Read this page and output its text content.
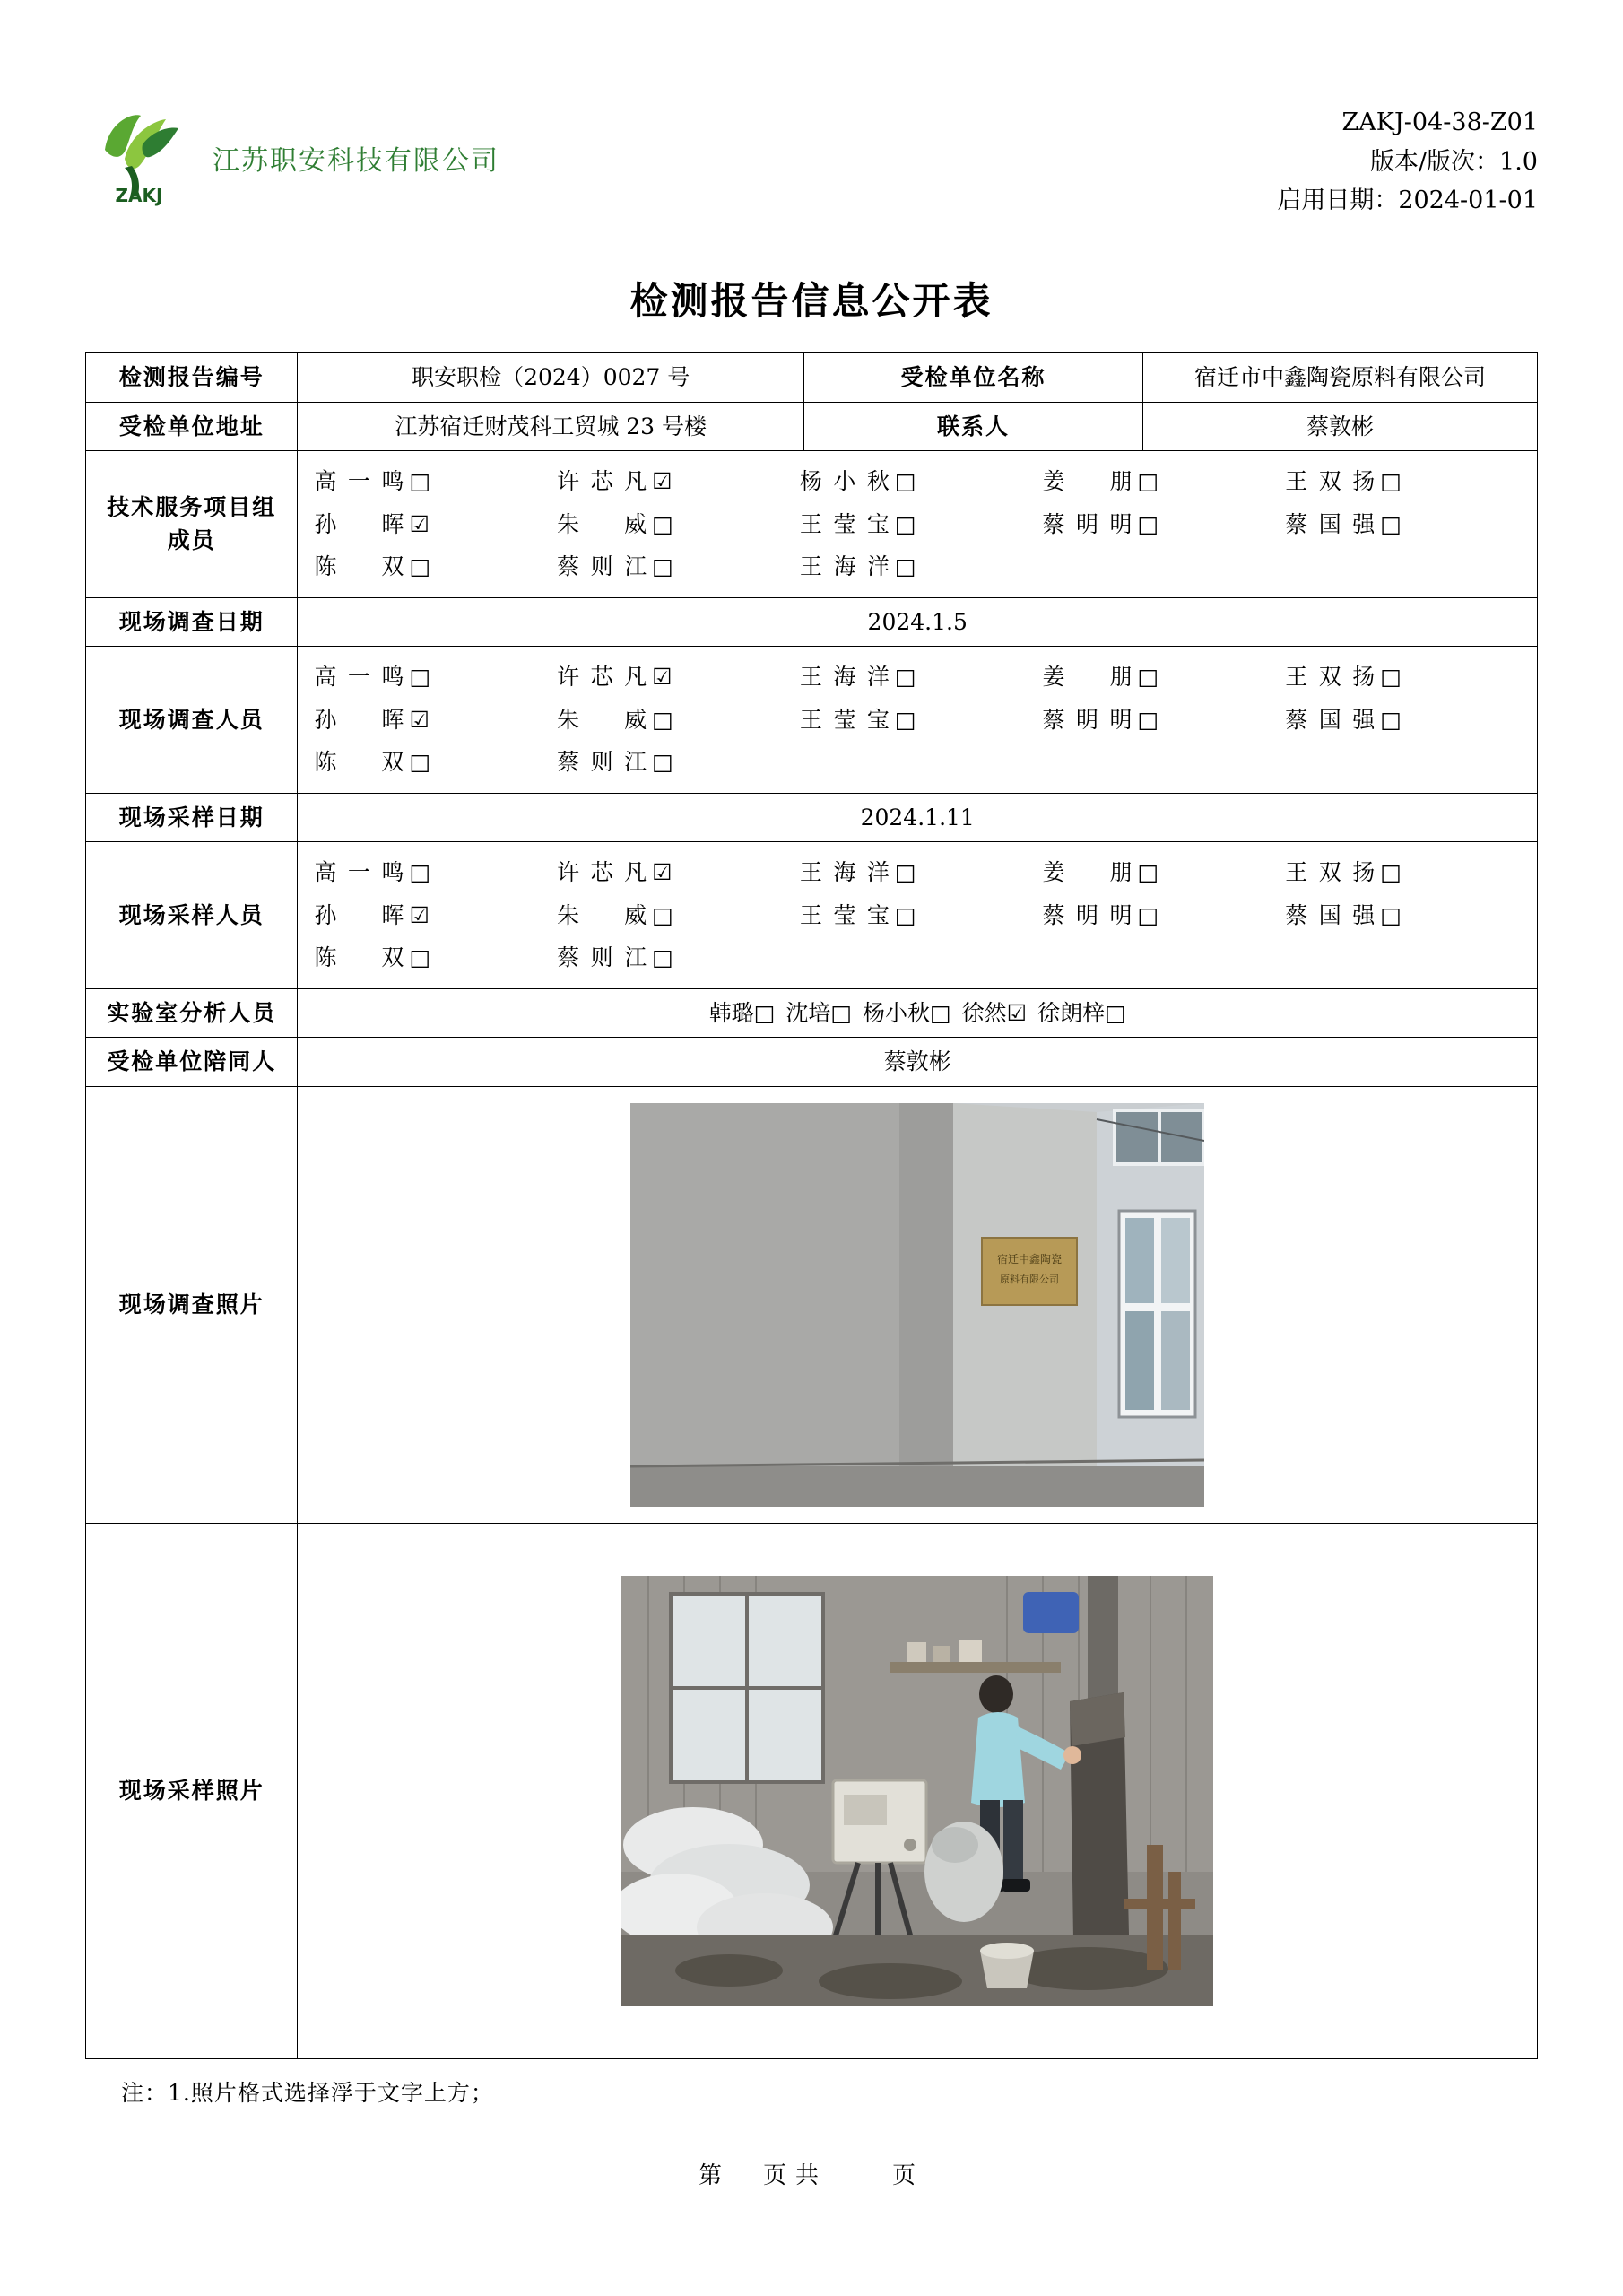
ZAKJ
江苏职安科技有限公司
ZAKJ-04-38-Z01
版本/版次：1.0
启用日期：2024-01-01
检测报告信息公开表
检测报告编号	职安职检（2024）0027 号	受检单位名称	宿迁市中鑫陶瓷原料有限公司
受检单位地址	江苏宿迁财茂科工贸城 23 号楼	联系人	蔡敦彬
技术服务项目组成员	
高一鸣 □	许芯凡 ☑	杨小秋 □	姜　朋 □	王双扬 □
孙　晖 ☑	朱　威 □	王莹宝 □	蔡明明 □	蔡国强 □
陈　双 □	蔡则江 □	王海洋 □

现场调查日期	2024.1.5		
现场调查人员	
高一鸣 □	许芯凡 ☑	王海洋 □	姜　朋 □	王双扬 □
孙　晖 ☑	朱　威 □	王莹宝 □	蔡明明 □	蔡国强 □
陈　双 □	蔡则江 □

现场采样日期	2024.1.11		
现场采样人员	
高一鸣 □	许芯凡 ☑	王海洋 □	姜　朋 □	王双扬 □
孙　晖 ☑	朱　威 □	王莹宝 □	蔡明明 □	蔡国强 □
陈　双 □	蔡则江 □

实验室分析人员	韩璐□ 沈培□ 杨小秋□ 徐然☑ 徐朗梓□		

受检单位陪同人	蔡敦彬		
现场调查照片	宿迁中鑫陶瓷
原料有限公司		

现场采样照片	
注：1.照片格式选择浮于文字上方；
第　页共　　页
